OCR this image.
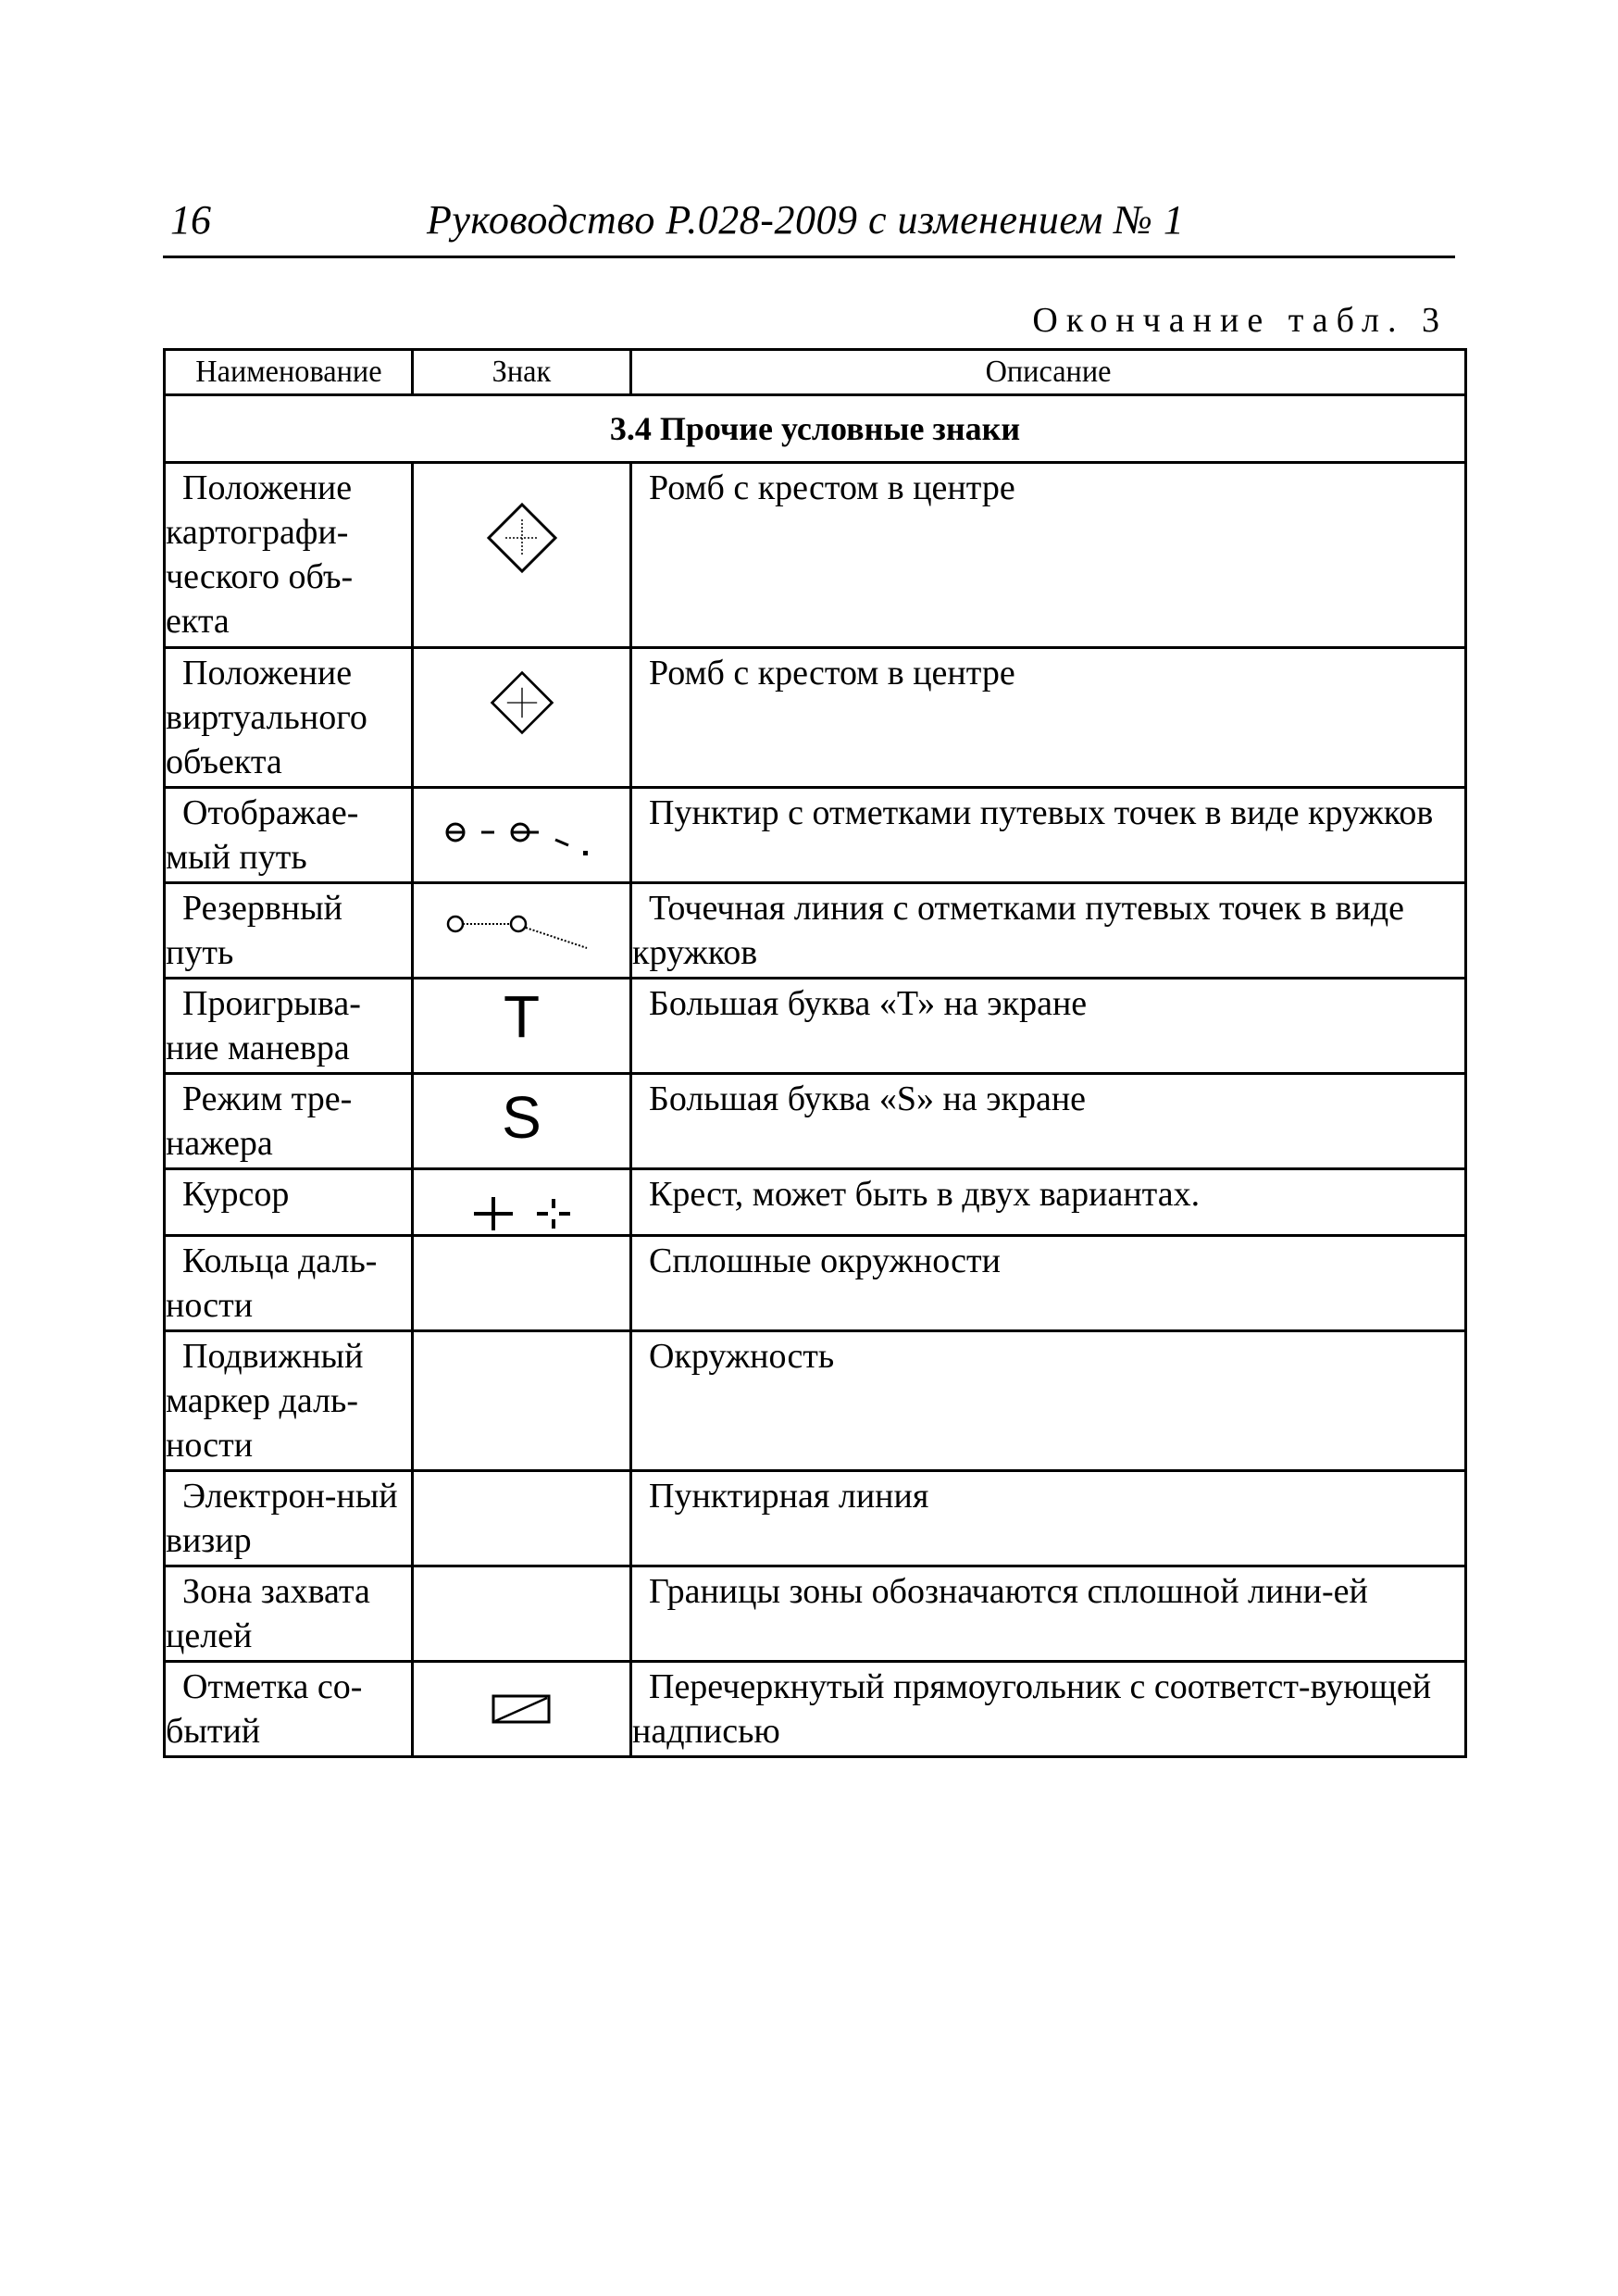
16	Руководство Р.028-2009 с изменением № 1
Окончание табл. 3
Наименование	Знак	Описание
3.4 Прочие условные знаки		

Положение картографи-ческого объ-екта		Ромб с крестом в центре

Положение виртуального объекта		Ромб с крестом в центре

Отображае-мый путь		Пунктир с отметками путевых точек в виде кружков

Резервный путь		Точечная линия с отметками путевых точек в виде кружков

Проигрыва-ние маневра	T	Большая буква «Т» на экране

Режим тре-нажера	S	Большая буква «S» на экране

Курсор		Крест, может быть в двух вариантах.

Кольца даль-ности		Сплошные окружности

Подвижный маркер даль-ности		Окружность

Электрон-ный визир		Пунктирная линия

Зона захвата целей		Границы зоны обозначаются сплошной лини-ей

Отметка со-бытий		Перечеркнутый прямоугольник с соответст-вующей надписью
